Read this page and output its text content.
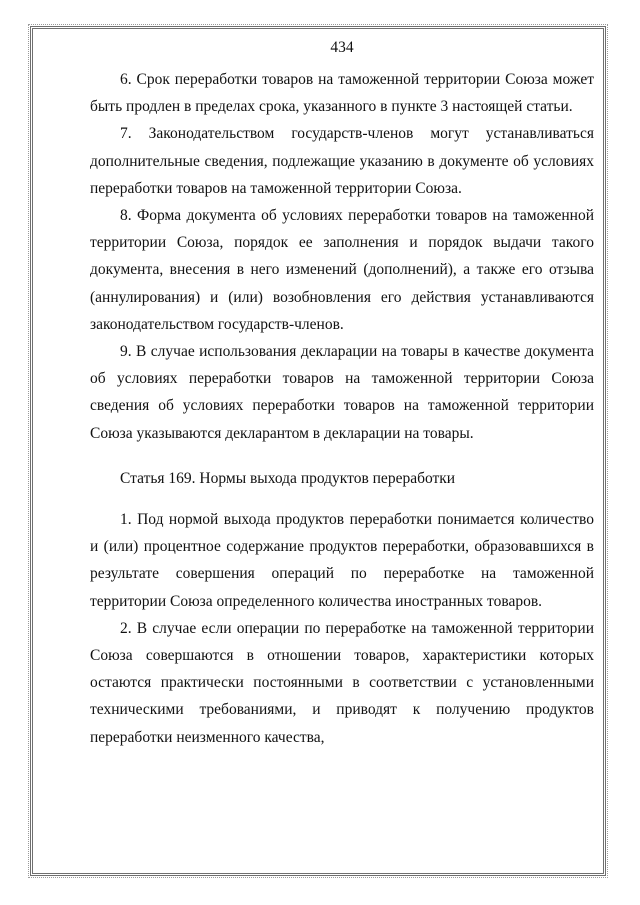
434

6. Срок переработки товаров на таможенной территории Союза может быть продлен в пределах срока, указанного в пункте 3 настоящей статьи.

7. Законодательством государств-членов могут устанавливаться дополнительные сведения, подлежащие указанию в документе об условиях переработки товаров на таможенной территории Союза.

8. Форма документа об условиях переработки товаров на таможенной территории Союза, порядок ее заполнения и порядок выдачи такого документа, внесения в него изменений (дополнений), а также его отзыва (аннулирования) и (или) возобновления его действия устанавливаются законодательством государств-членов.

9. В случае использования декларации на товары в качестве документа об условиях переработки товаров на таможенной территории Союза сведения об условиях переработки товаров на таможенной территории Союза указываются декларантом в декларации на товары.

Статья 169. Нормы выхода продуктов переработки

1. Под нормой выхода продуктов переработки понимается количество и (или) процентное содержание продуктов переработки, образовавшихся в результате совершения операций по переработке на таможенной территории Союза определенного количества иностранных товаров.

2. В случае если операции по переработке на таможенной территории Союза совершаются в отношении товаров, характеристики которых остаются практически постоянными в соответствии с установленными техническими требованиями, и приводят к получению продуктов переработки неизменного качества,
